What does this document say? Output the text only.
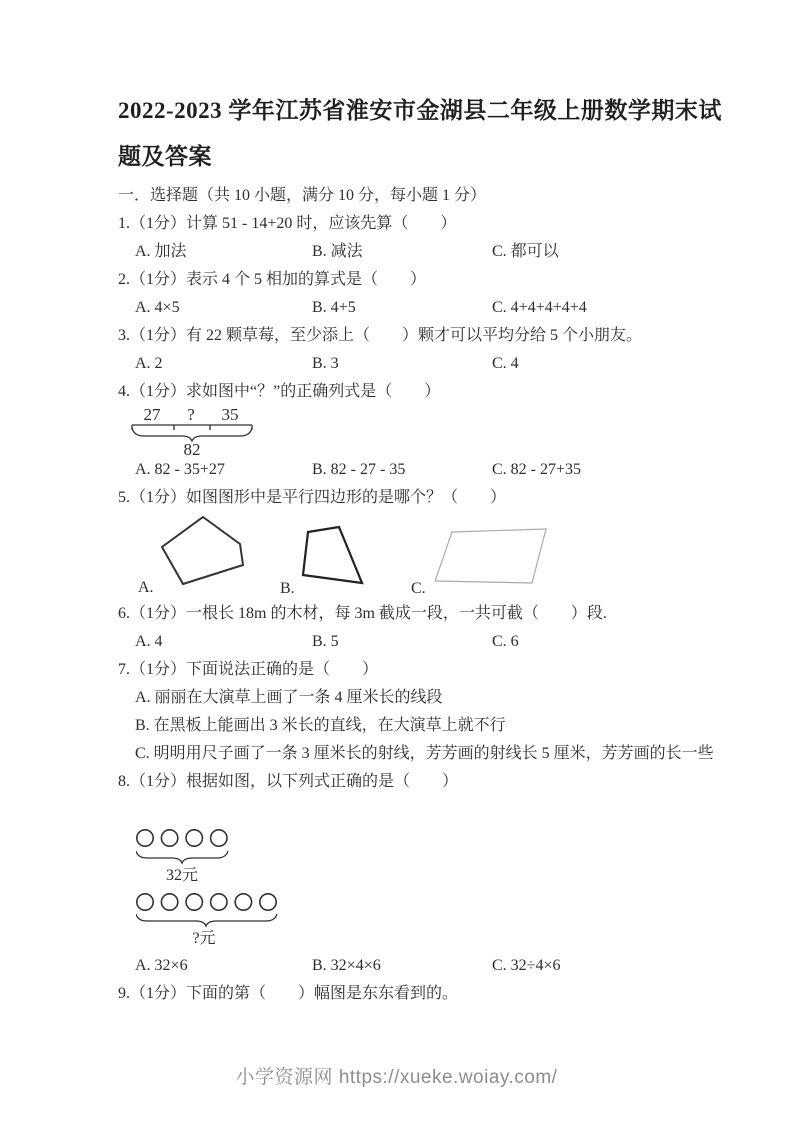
2022-2023 学年江苏省淮安市金湖县二年级上册数学期末试
题及答案
一．选择题（共 10 小题，满分 10 分，每小题 1 分）
1.（1分）计算 51 - 14+20 时，应该先算（　　）
A. 加法	B. 减法	C. 都可以
2.（1分）表示 4 个 5 相加的算式是（　　）
A. 4×5	B. 4+5	C. 4+4+4+4+4
3.（1分）有 22 颗草莓，至少添上（　　）颗才可以平均分给 5 个小朋友。
A. 2	B. 3	C. 4
4.（1分）求如图中“？”的正确列式是（　　）
27 ? 35
82
A. 82 - 35+27	B. 82 - 27 - 35	C. 82 - 27+35
5.（1分）如图图形中是平行四边形的是哪个？（　　）
A.	B.	C.
6.（1分）一根长 18m 的木材，每 3m 截成一段，一共可截（　　）段.
A. 4	B. 5	C. 6
7.（1分）下面说法正确的是（　　）
A. 丽丽在大演草上画了一条 4 厘米长的线段
B. 在黑板上能画出 3 米长的直线，在大演草上就不行
C. 明明用尺子画了一条 3 厘米长的射线，芳芳画的射线长 5 厘米，芳芳画的长一些
8.（1分）根据如图，以下列式正确的是（　　）
32元
?元
A. 32×6	B. 32×4×6	C. 32÷4×6
9.（1分）下面的第（　　）幅图是东东看到的。
小学资源网 https://xueke.woiay.com/
